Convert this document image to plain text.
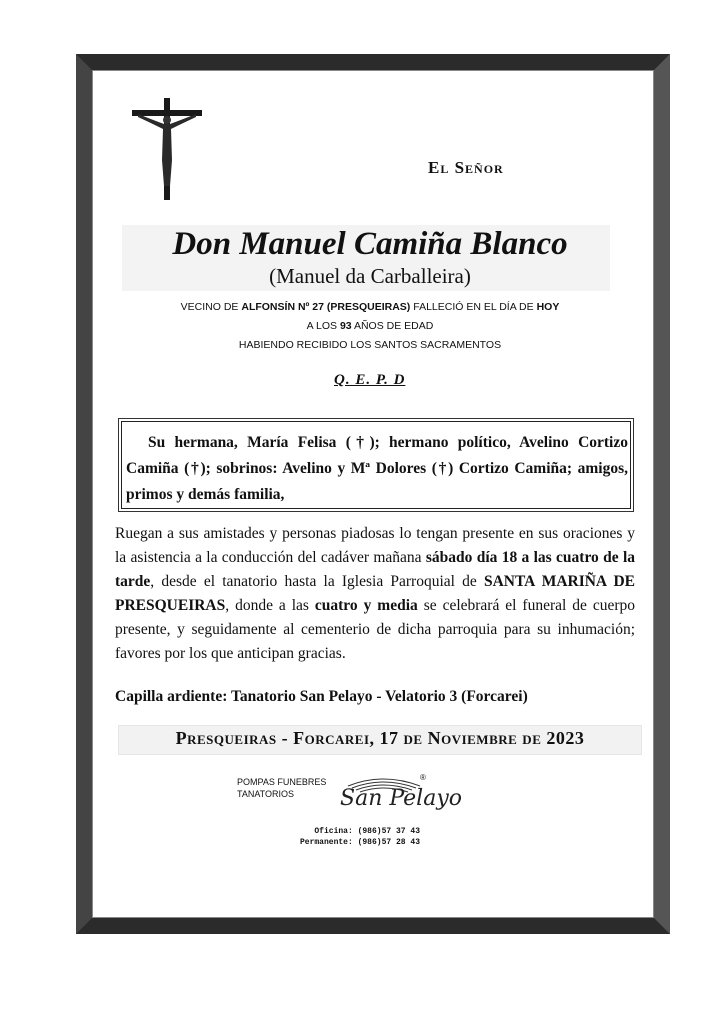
El Señor
Don Manuel Camiña Blanco
(Manuel da Carballeira)
VECINO DE ALFONSÍN Nº 27 (PRESQUEIRAS) FALLECIÓ EN EL DÍA DE HOY
A LOS 93 AÑOS DE EDAD
HABIENDO RECIBIDO LOS SANTOS SACRAMENTOS
Q. E. P. D
Su hermana, María Felisa (†); hermano político, Avelino Cortizo Camiña (†); sobrinos: Avelino y Mª Dolores (†) Cortizo Camiña; amigos, primos y demás familia,
Ruegan a sus amistades y personas piadosas lo tengan presente en sus oraciones y la asistencia a la conducción del cadáver mañana sábado día 18 a las cuatro de la tarde, desde el tanatorio hasta la Iglesia Parroquial de SANTA MARIÑA DE PRESQUEIRAS, donde a las cuatro y media se celebrará el funeral de cuerpo presente, y seguidamente al cementerio de dicha parroquia para su inhumación; favores por los que anticipan gracias.
Capilla ardiente: Tanatorio San Pelayo - Velatorio 3 (Forcarei)
Presqueiras - Forcarei, 17 de Noviembre de 2023
POMPAS FUNEBRES
TANATORIOS	San Pelayo
®
Oficina: (986)57 37 43
Permanente: (986)57 28 43
